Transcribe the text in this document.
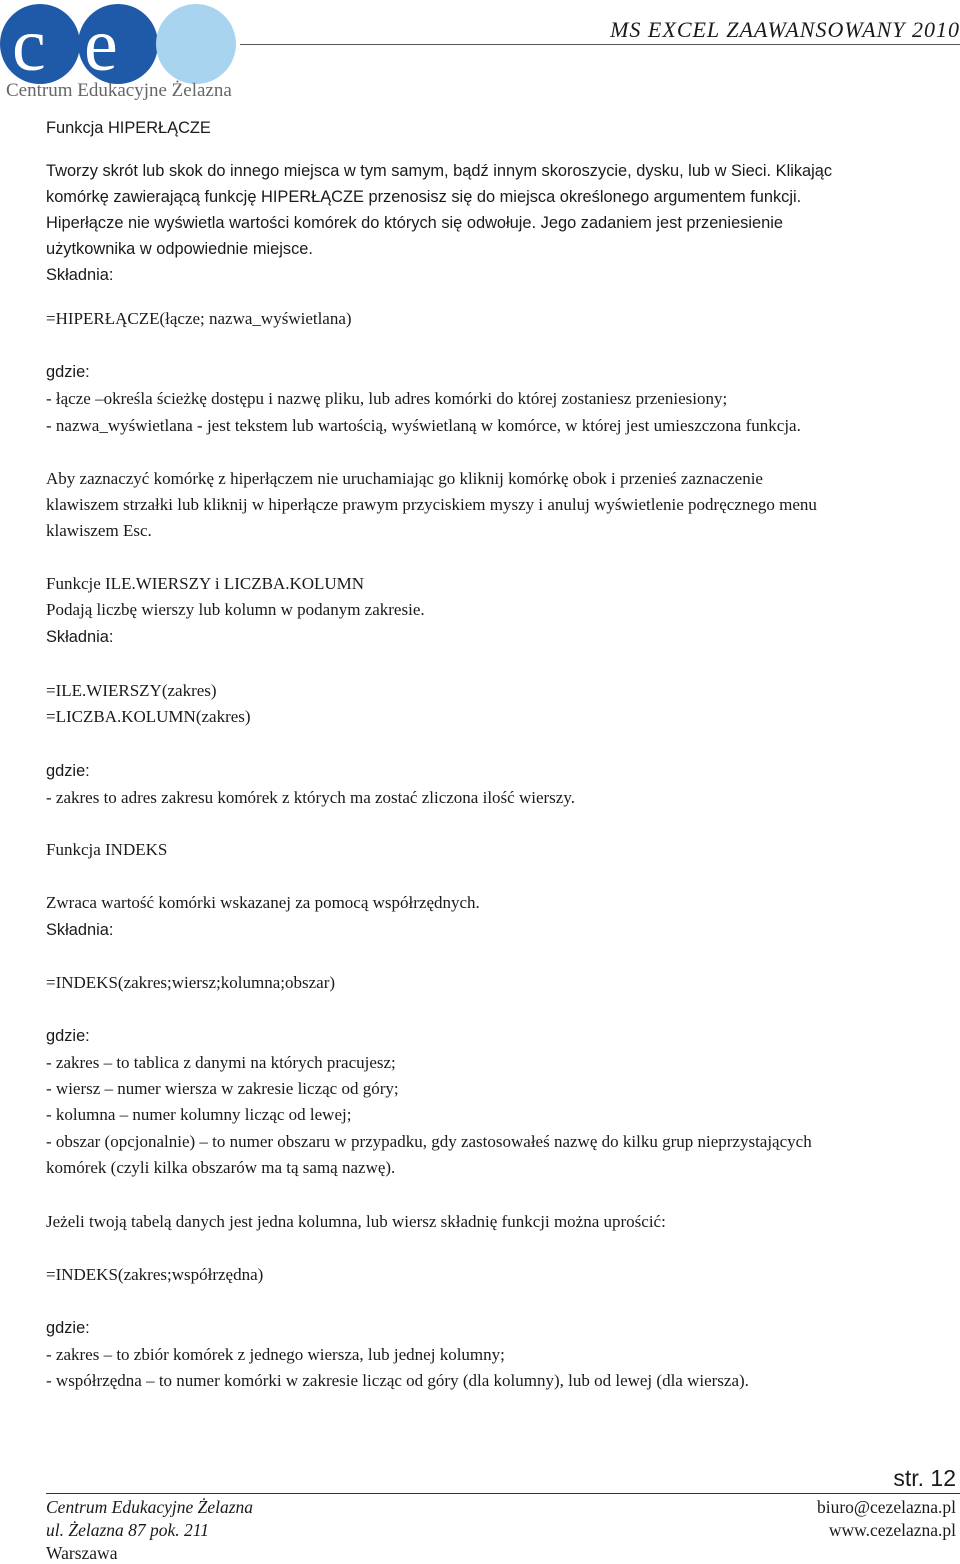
c e
Centrum Edukacyjne Żelazna
MS EXCEL ZAAWANSOWANY 2010
Funkcja HIPERŁĄCZE
Tworzy skrót lub skok do innego miejsca w tym samym, bądź innym skoroszycie, dysku, lub w Sieci. Klikając
komórkę zawierającą funkcję HIPERŁĄCZE przenosisz się do miejsca określonego argumentem funkcji.
Hiperłącze nie wyświetla wartości komórek do których się odwołuje. Jego zadaniem jest przeniesienie
użytkownika w odpowiednie miejsce.
Składnia:
=HIPERŁĄCZE(łącze; nazwa_wyświetlana)
gdzie:
- łącze –określa ścieżkę dostępu i nazwę pliku, lub adres komórki do której zostaniesz przeniesiony;
- nazwa_wyświetlana - jest tekstem lub wartością, wyświetlaną w komórce, w której jest umieszczona funkcja.
Aby zaznaczyć komórkę z hiperłączem nie uruchamiając go kliknij komórkę obok i przenieś zaznaczenie
klawiszem strzałki lub kliknij w hiperłącze prawym przyciskiem myszy i anuluj wyświetlenie podręcznego menu
klawiszem Esc.
Funkcje ILE.WIERSZY i LICZBA.KOLUMN
Podają liczbę wierszy lub kolumn w podanym zakresie.
Składnia:
=ILE.WIERSZY(zakres)
=LICZBA.KOLUMN(zakres)
gdzie:
- zakres to adres zakresu komórek z których ma zostać zliczona ilość wierszy.
Funkcja INDEKS
Zwraca wartość komórki wskazanej za pomocą współrzędnych.
Składnia:
=INDEKS(zakres;wiersz;kolumna;obszar)
gdzie:
- zakres – to tablica z danymi na których pracujesz;
- wiersz – numer wiersza w zakresie licząc od góry;
- kolumna – numer kolumny licząc od lewej;
- obszar (opcjonalnie) – to numer obszaru w przypadku, gdy zastosowałeś nazwę do kilku grup nieprzystających
komórek (czyli kilka obszarów ma tą samą nazwę).
Jeżeli twoją tabelą danych jest jedna kolumna, lub wiersz składnię funkcji można uprościć:
=INDEKS(zakres;współrzędna)
gdzie:
- zakres – to zbiór komórek z jednego wiersza, lub jednej kolumny;
- współrzędna – to numer komórki w zakresie licząc od góry (dla kolumny), lub od lewej (dla wiersza).
str. 12
Centrum Edukacyjne Żelazna
ul. Żelazna 87 pok. 211
Warszawa
biuro@cezelazna.pl
www.cezelazna.pl
